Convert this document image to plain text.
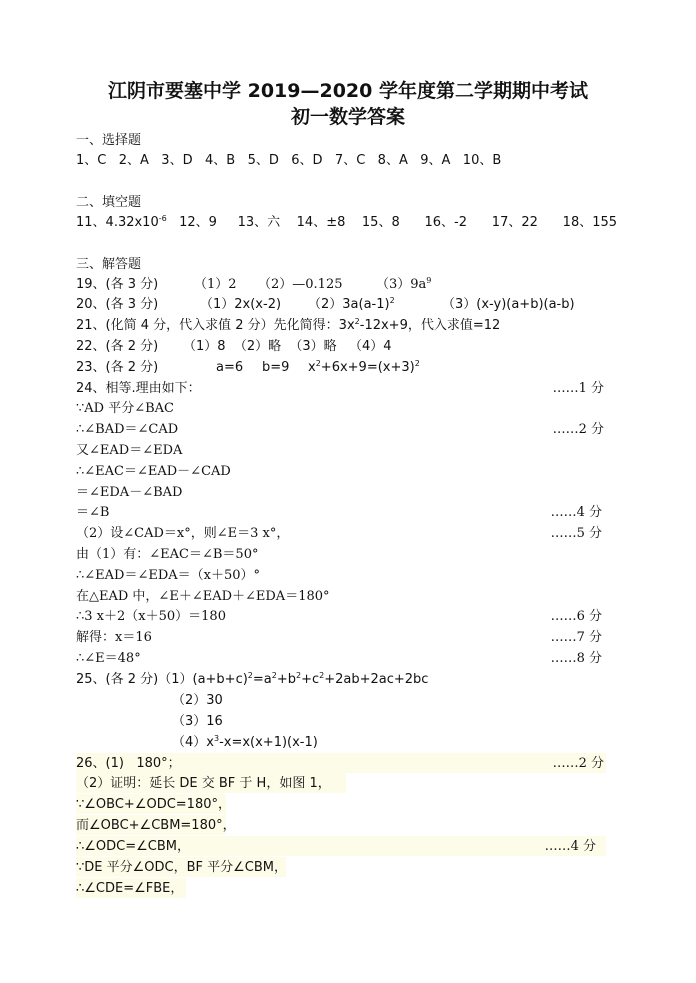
江阴市要塞中学 2019—2020 学年度第二学期期中考试
初一数学答案
一、选择题
1、C   2、A   3、D   4、B   5、D   6、D   7、C   8、A   9、A   10、B
二、填空题
11、$4.32x10^{-6}$   12、9     13、六    14、±8    15、8      16、-2      17、22      18、155
三、解答题
19、(各 3 分)	（1）2 （2）—0.125	$(3)9a^9$
20、(各 3 分)	（1）2x(x-2) $(2)3a(a-1)^2$	（3）(x-y)(a+b)(a-b)
21、(化简 4 分，代入求值 2 分）先化简得：$3x^2-12x+9$，代入求值=12
22、(各 2 分)      （1）8  （2）略  （3）略   （4）4
23、(各 2 分)	a=6 b=9 $x^2+6x+9=(x+3)^2$
24、相等.理由如下：	……1 分
∵AD 平分∠BAC
∴∠BAD＝∠CAD	……2 分
又∠EAD＝∠EDA
∴∠EAC＝∠EAD－∠CAD
＝∠EDA－∠BAD
＝∠B	……4 分
（2）设∠CAD＝x°，则∠E＝3 x°，	……5 分
由（1）有：∠EAC＝∠B＝50°
∴∠EAD＝∠EDA＝（x＋50）°
在△EAD 中，∠E＋∠EAD＋∠EDA＝180°
∴3 x＋2（x＋50）＝180	……6 分
解得：x＝16	……7 分
∴∠E＝48°	……8 分
25、(各 2 分)$(1)(a+b+c)^2=a^2+b^2+c^2+2ab+2ac+2bc$
（2）30
（3）16
$(4)x^3-x=x(x+1)(x-1)$
26、(1)   180°；	……2 分
（2）证明：延长 DE 交 BF 于 H，如图 1，
∵∠OBC+∠ODC=180°，
而∠OBC+∠CBM=180°，
∴∠ODC=∠CBM，	……4 分
∵DE 平分∠ODC，BF 平分∠CBM，
∴∠CDE=∠FBE，
